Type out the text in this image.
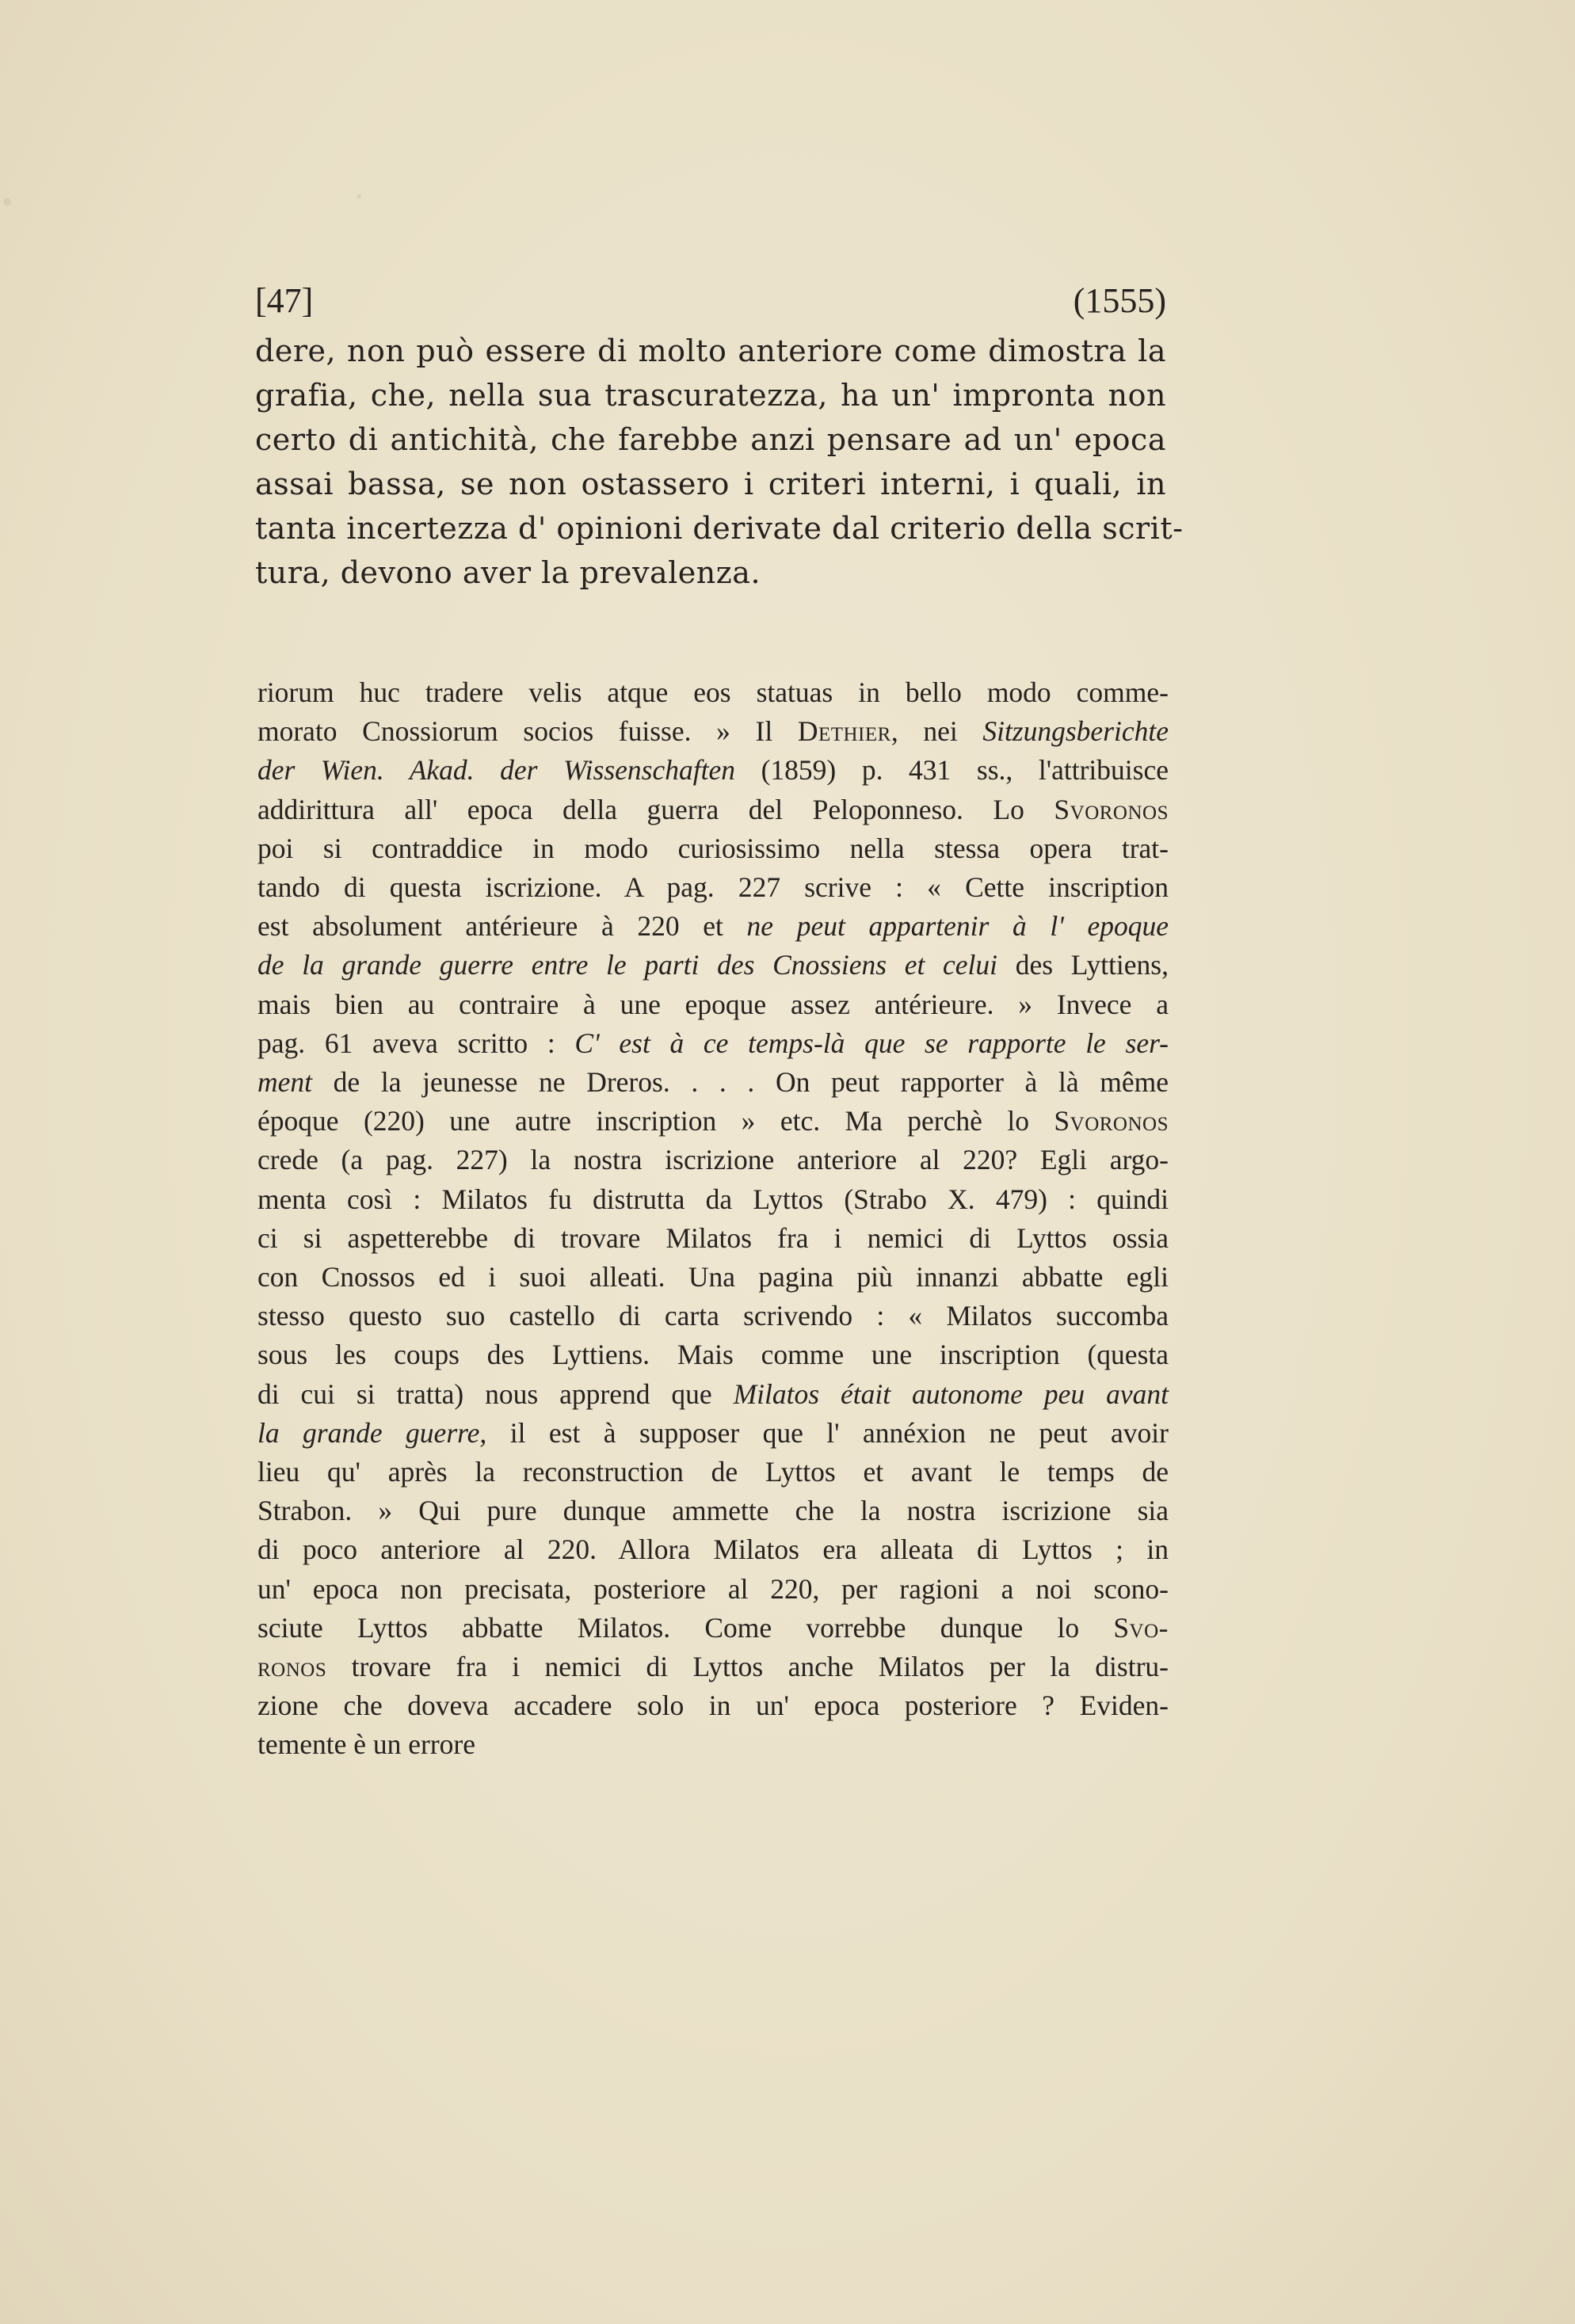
[47]	(1555)
dere, non può essere di molto anteriore come dimostra la
grafia, che, nella sua trascuratezza, ha un' impronta non
certo di antichità, che farebbe anzi pensare ad un' epoca
assai bassa, se non ostassero i criteri interni, i quali, in
tanta incertezza d' opinioni derivate dal criterio della scrit-
tura, devono aver la prevalenza.
riorum huc tradere velis atque eos statuas in bello modo comme-
morato Cnossiorum socios fuisse. » Il Dethier, nei Sitzungsberichte
der Wien. Akad. der Wissenschaften (1859) p. 431 ss., l'attribuisce
addirittura all' epoca della guerra del Peloponneso. Lo Svoronos
poi si contraddice in modo curiosissimo nella stessa opera trat-
tando di questa iscrizione. A pag. 227 scrive : « Cette inscription
est absolument antérieure à 220 et ne peut appartenir à l' epoque
de la grande guerre entre le parti des Cnossiens et celui des Lyttiens,
mais bien au contraire à une epoque assez antérieure. » Invece a
pag. 61 aveva scritto : C' est à ce temps-là que se rapporte le ser-
ment de la jeunesse ne Dreros. . . . On peut rapporter à là même
époque (220) une autre inscription » etc. Ma perchè lo Svoronos
crede (a pag. 227) la nostra iscrizione anteriore al 220? Egli argo-
menta così : Milatos fu distrutta da Lyttos (Strabo X. 479) : quindi
ci si aspetterebbe di trovare Milatos fra i nemici di Lyttos ossia
con Cnossos ed i suoi alleati. Una pagina più innanzi abbatte egli
stesso questo suo castello di carta scrivendo : « Milatos succomba
sous les coups des Lyttiens. Mais comme une inscription (questa
di cui si tratta) nous apprend que Milatos était autonome peu avant
la grande guerre, il est à supposer que l' annéxion ne peut avoir
lieu qu' après la reconstruction de Lyttos et avant le temps de
Strabon. » Qui pure dunque ammette che la nostra iscrizione sia
di poco anteriore al 220. Allora Milatos era alleata di Lyttos ; in
un' epoca non precisata, posteriore al 220, per ragioni a noi scono-
sciute Lyttos abbatte Milatos. Come vorrebbe dunque lo Svo-
ronos trovare fra i nemici di Lyttos anche Milatos per la distru-
zione che doveva accadere solo in un' epoca posteriore ? Eviden-
temente è un errore
